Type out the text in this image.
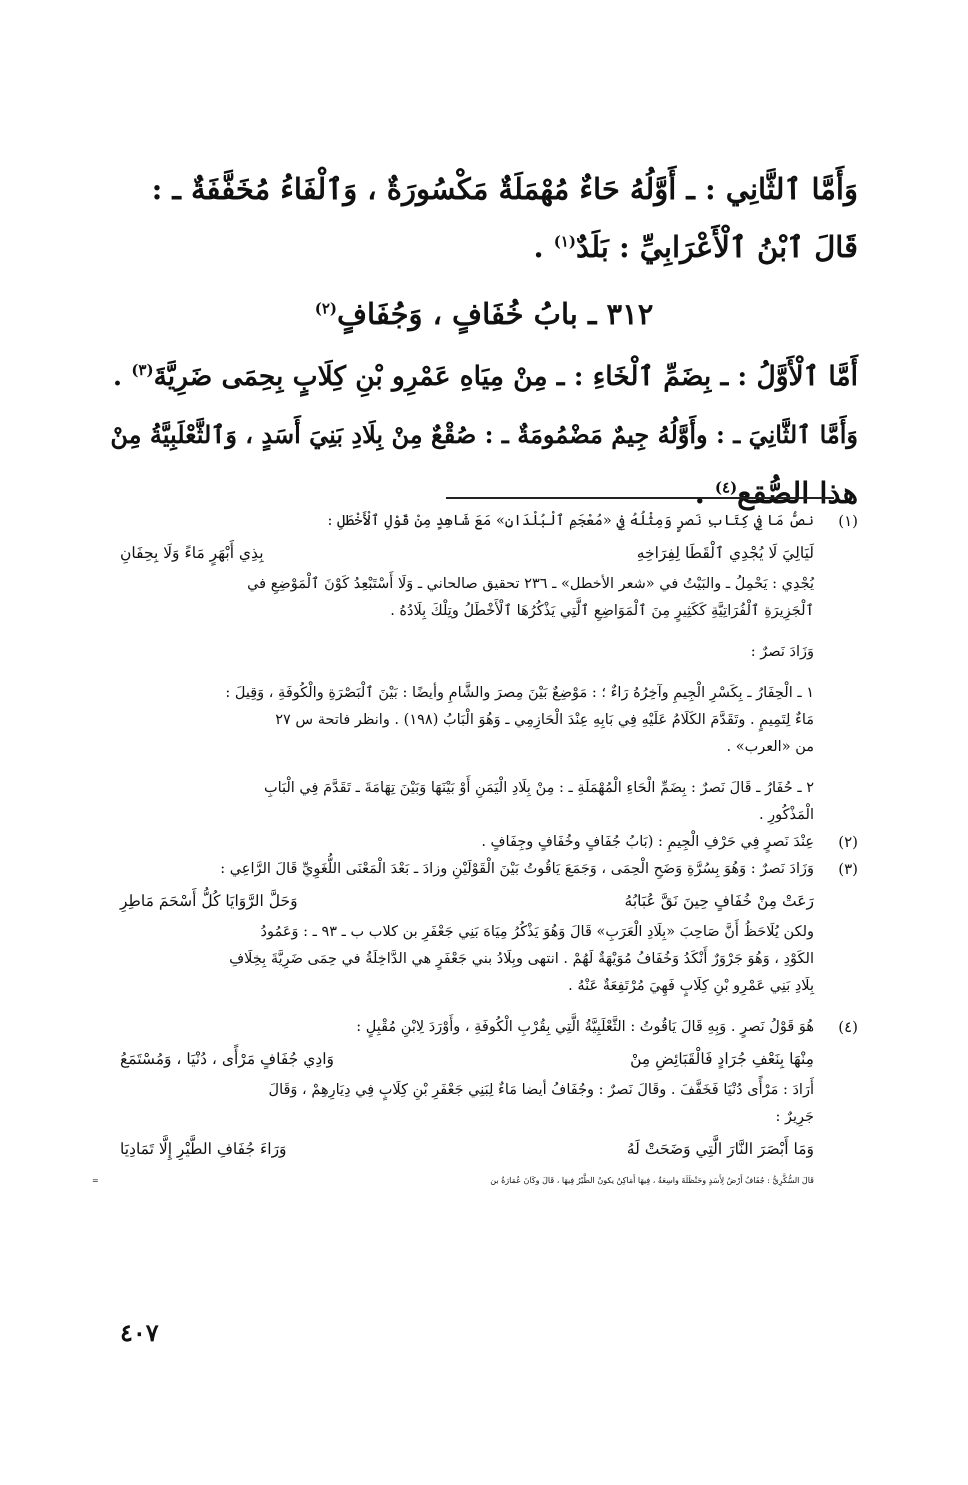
وَأَمَّا ٱلثَّانِي : ـ أَوَّلُهُ حَاءٌ مُهْمَلَةٌ مَكْسُورَةٌ ، وَٱلْفَاءُ مُخَفَّفَةٌ ـ :
قَالَ ٱبْنُ ٱلْأَعْرَابِيِّ : بَلَدٌ$^{(١)}$ .
٣١٢ ـ بابُ خُفَافٍ ، وَجُفَافٍ$^{(٢)}$
أَمَّا ٱلْأَوَّلُ : ـ بِضَمِّ ٱلْخَاءِ : ـ مِنْ مِيَاهِ عَمْرِو بْنِ كِلَابٍ بِحِمَى ضَرِيَّةَ$^{(٣)}$ .
وَأَمَّا ٱلثَّانِيَ ـ : وأَوَّلُهُ جِيمٌ مَضْمُومَةٌ ـ : صُقْعٌ مِنْ بِلَادِ بَنِيَ أَسَدٍ ، وَٱلثَّعْلَبِيَّةُ مِنْ
هذا الصُّقع$^{(٤)}$ .
(١)
نصُّ مَا فِي كِتَابِ نَصرٍ وَمِثْلُهُ فِي «مُعْجَمِ ٱلْبُلْدَانِ» مَعَ شَاهِدٍ مِنْ قَوْلِ ٱلْأَخْطَلِ :
لَيَالِيَ لَا يُجْدِي ٱلْقَطَا لِفِرَاخِهِ
بِذِي أَبْهَرٍ مَاءً وَلَا بِحِفَانِ
يُجْدِي : يَحْمِلُ ـ والبَيْتُ في «شعر الأخطل» ـ ٢٣٦ تحقيق صالحاني ـ وَلَا أَسْتَبْعِدُ كَوْنَ ٱلْمَوْضِعِ في
ٱلْجَزِيرَةِ ٱلْفُرَاتِيَّةِ كَكَثِيرٍ مِنَ ٱلْمَوَاضِعِ ٱلَّتِي يَذْكُرُهَا ٱلْأَخْطَلُ وتِلْكَ بِلَادُهُ .
وَزَادَ نَصرٌ :
١ ـ الْحِفَارُ ـ بِكَسْرِ الْجِيمِ وآخِرُهُ رَاءٌ ؛ : مَوْضِعٌ بَيْنَ مِصرَ والشَّامِ وأيضًا : بَيْنَ ٱلْبَصْرَةِ والْكُوفَةِ ، وَقِيلَ :
مَاءٌ لِتَمِيمٍ . وتَقَدَّمَ الكَلَامُ عَلَيْهِ فِي بَابِهِ عِنْدَ الْحَازِمِي ـ وَهُوَ الْبَابُ (١٩٨) . وانظر فاتحة س ٢٧
من «العرب» .
٢ ـ حُفَارُ ـ قَالَ نَصرٌ : بِضَمِّ الْحَاءِ الْمُهْمَلَةِ ـ : مِنْ بِلَادِ الْيَمَنِ أَوْ بَيْنَهَا وَبَيْنَ تِهَامَةَ ـ تَقَدَّمَ فِي الْبَابِ
الْمَذْكُورِ .
(٢)
عِنْدَ نَصرٍ فِي حَرْفِ الْجِيمِ : (بَابُ جُفَافٍ وخُفَافٍ وجِفَافٍ .
(٣)
وَزَادَ نَصرٌ : وَهُوَ بِسُرَّةِ وَضَحِ الْحِمَى ، وَجَمَعَ يَاقُوتُ بَيْنَ الْقَوْلَيْنِ وزادَ ـ بَعْدَ الْمَعْنَى اللُّغَوِيِّ قَالَ الرَّاعِي :
رَعَتْ مِنْ خُفَافٍ حِينَ نَقَّ عُبَابُهُ
وَحَلَّ الرَّوَايَا كُلُّ أَسْحَمَ مَاطِرِ
ولكن يُلَاحَظُ أَنَّ صَاحِبَ «بِلَادِ الْعَرَبِ» قَالَ وَهُوَ يَذْكُرُ مِيَاهَ بَنِي جَعْفَرِ بن كلاب ب ـ ٩٣ ـ : وَعَمُودُ
الكَوْدِ ، وَهُوَ جَرْوَرٌ أَنْكَدُ وَخُفَافُ مُوَيْهَةٌ لَهُمْ . انتهى وبِلَادُ بني جَعْفَرٍ هي الدَّاخِلَةُ في حِمَى ضَرِيَّةَ بِخِلَافِ
بِلَادِ بَنِي عَمْرِو بْنِ كِلَابٍ فَهِيَ مُرْتَفِعَةٌ عَنْهُ .
(٤)
هُوَ قَوْلُ نَصرٍ . وَبِهِ قَالَ يَاقُوتُ : الثَّعْلَبِيَّةُ الَّتِي بِقُرْبِ الْكُوفَةِ ، وأَوْرَدَ لِابْنِ مُقْبِلٍ :
مِنْهَا بِنَعْفِ جُرَادٍ فَالْقَبَائِضِ مِنْ
وَادِي جُفَافٍ مَرْأًى ، دُنْيَا ، وَمُسْتَمَعُ
أَرَادَ : مَرْأًى دُنْيَا فَخَفَّفَ . وقَالَ نَصرٌ : وجُفَافُ أيضا مَاءٌ لِبَنِي جَعْفَرِ بْنِ كِلَابٍ فِي دِيَارِهِمْ ، وَقَالَ
جَرِيرٌ :
وَمَا أَبْصَرَ النَّارَ الَّتِي وَضَحَتْ لَهُ
وَرَاءَ جُفَافِ الطَّيْرِ إِلَّا تَمَادِيَا
قَالَ السُّكَّرِيُّ : جُفَافُ أَرْضٌ لِأَسَدٍ وحَنْظَلَةَ واسِعَةٌ ، فِيهَا أَمَاكِنُ يكونُ الطَّيْرُ فِيهَا ، قَالَ وكَانَ عُمَارَةُ بن
=
٤٠٧
